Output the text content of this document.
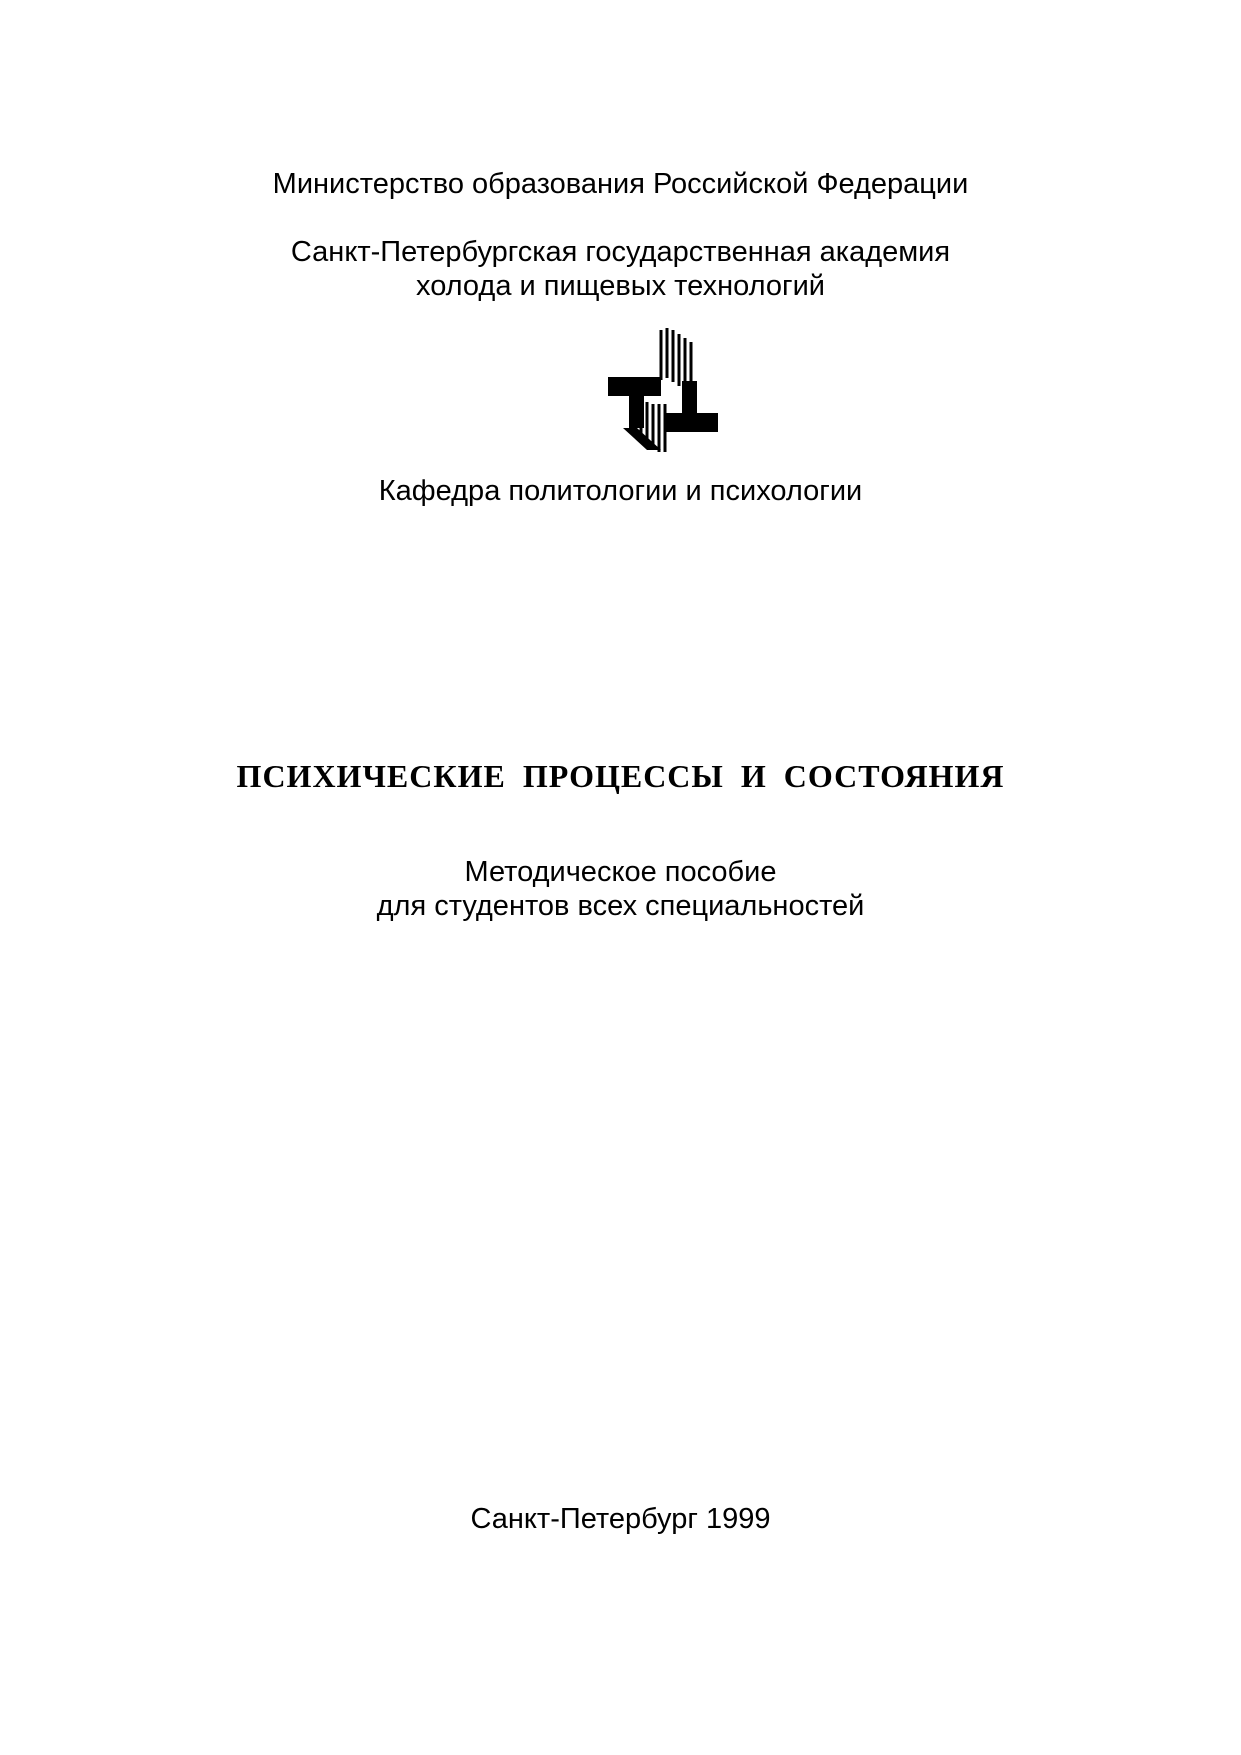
Министерство образования Российской Федерации
Санкт-Петербургская государственная академия
холода и пищевых технологий
Кафедра политологии и психологии
ПСИХИЧЕСКИЕ ПРОЦЕССЫ И СОСТОЯНИЯ
Методическое пособие
для студентов всех специальностей
Санкт-Петербург 1999
